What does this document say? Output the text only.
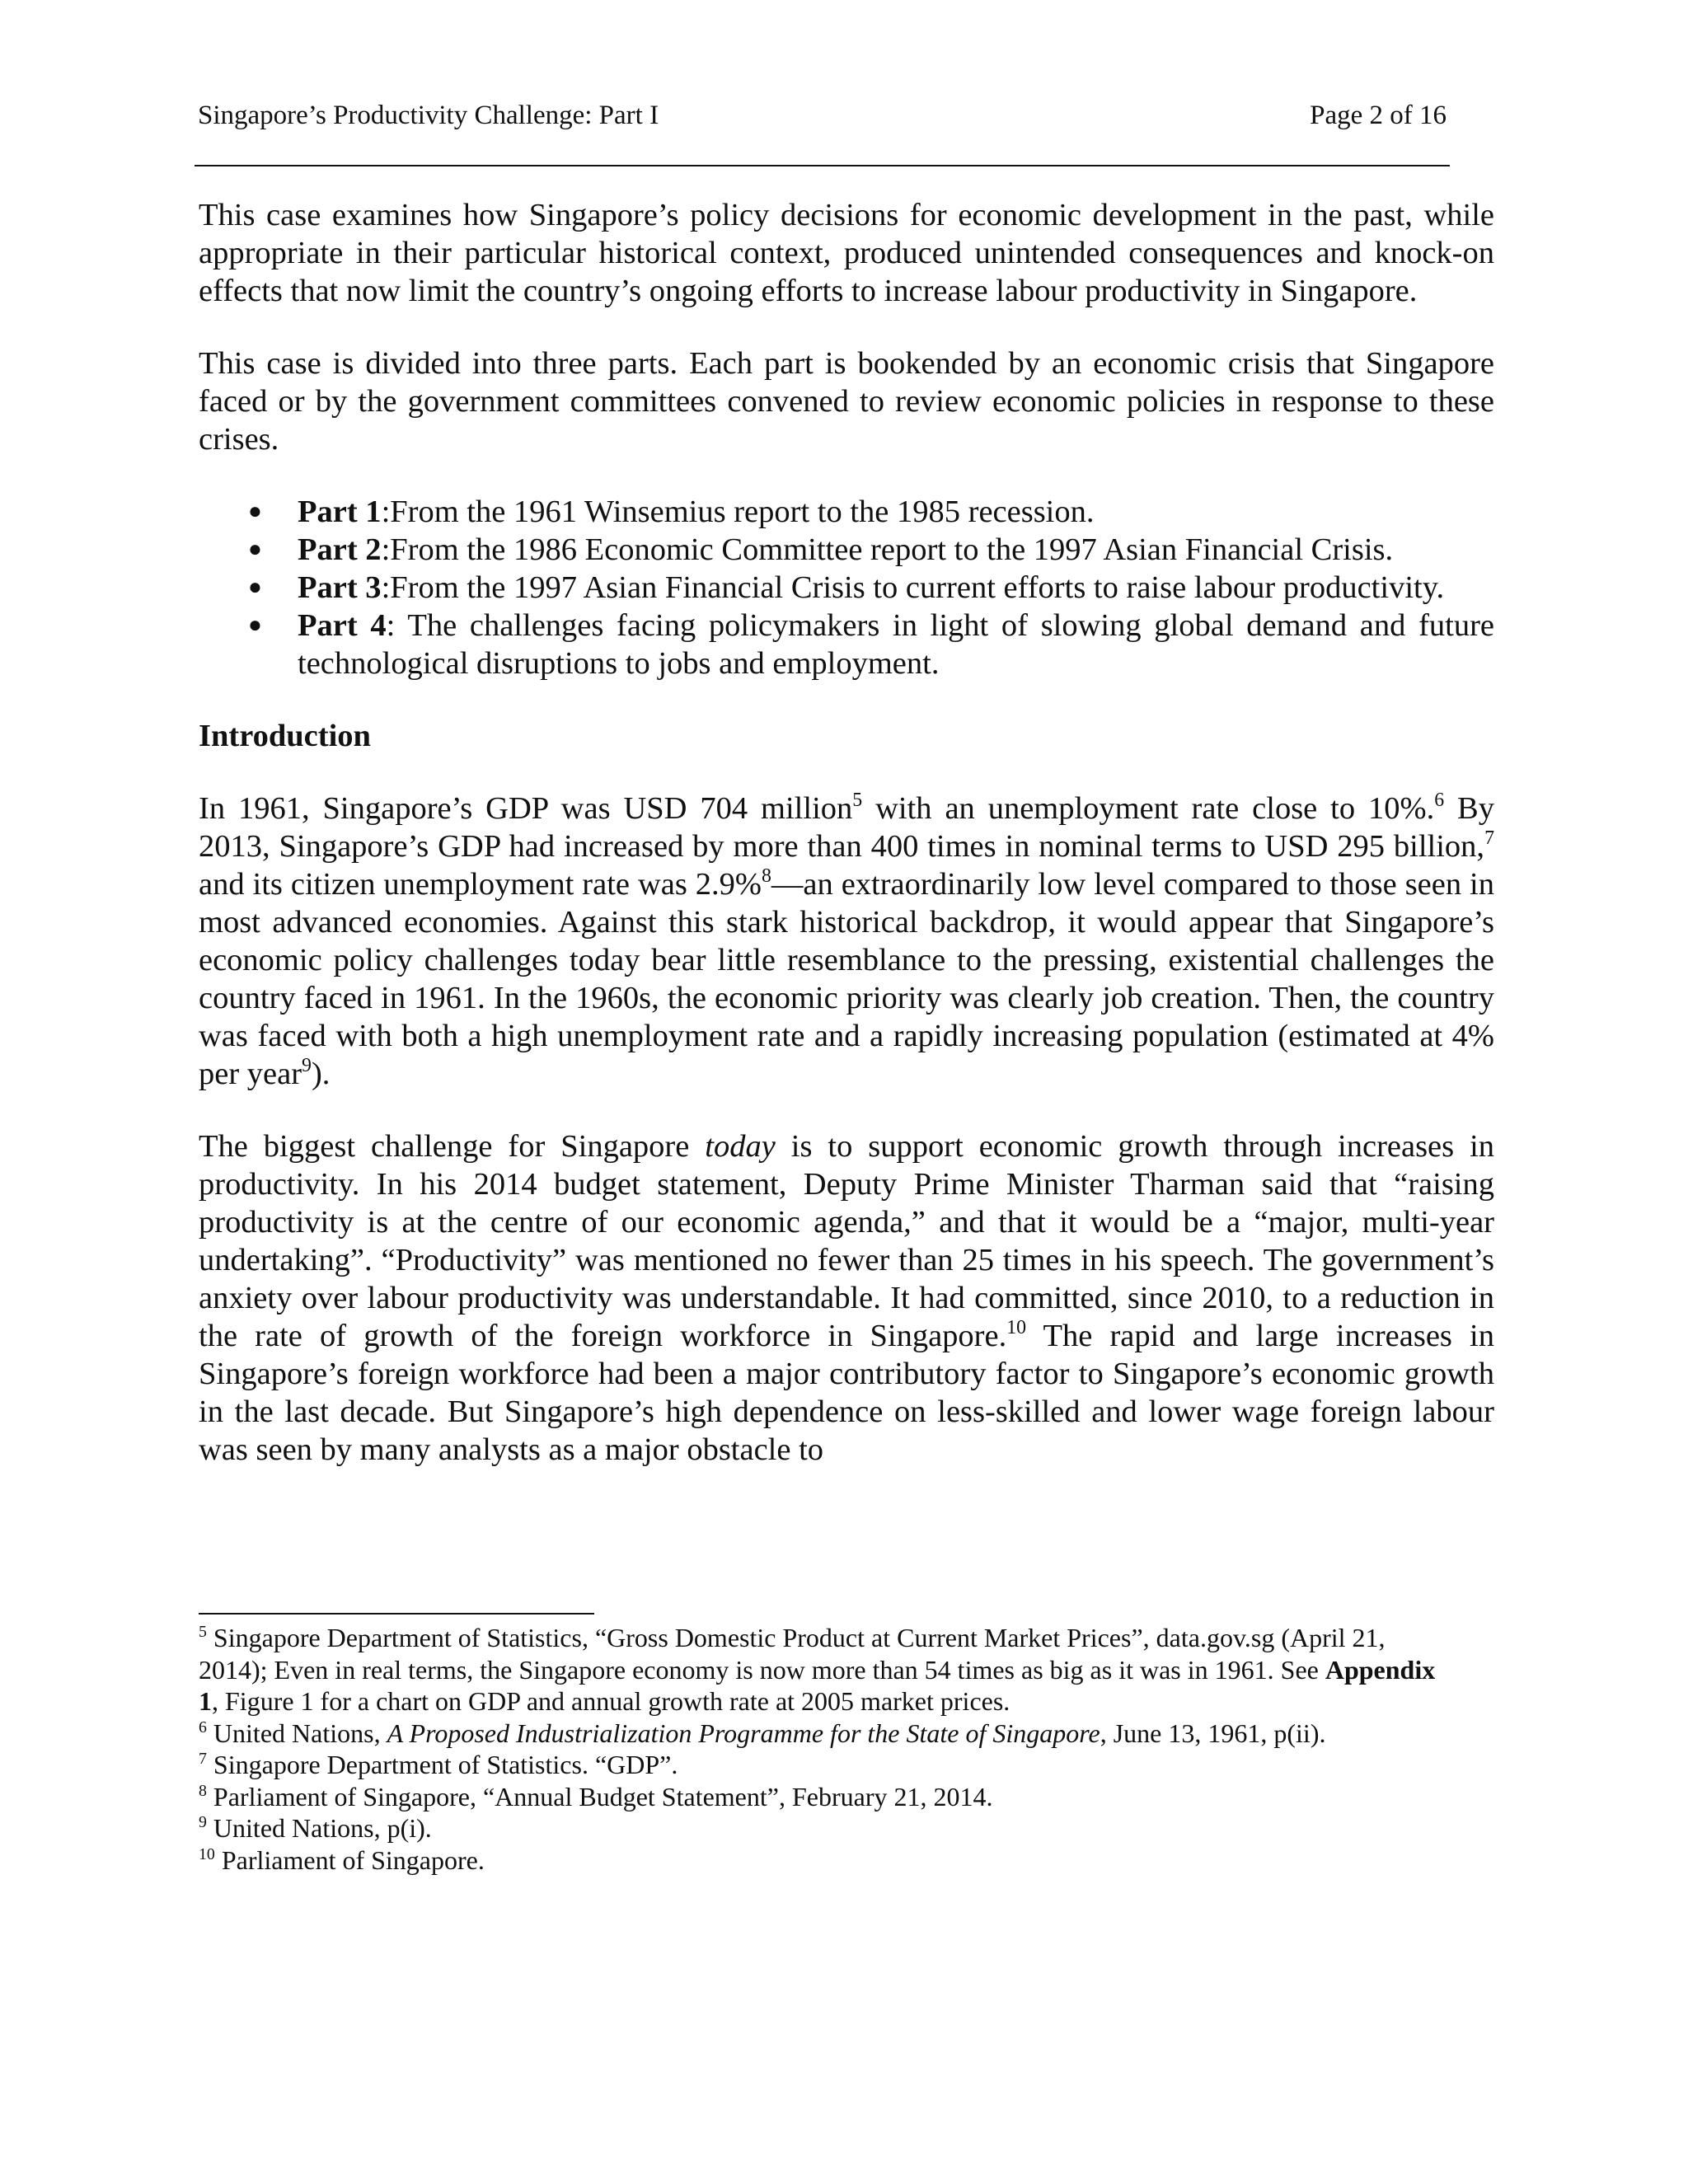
Singapore’s Productivity Challenge: Part I	Page 2 of 16

This case examines how Singapore’s policy decisions for economic development in the past, while appropriate in their particular historical context, produced unintended consequences and knock-on effects that now limit the country’s ongoing efforts to increase labour productivity in Singapore.

This case is divided into three parts. Each part is bookended by an economic crisis that Singapore faced or by the government committees convened to review economic policies in response to these crises.

● Part 1:From the 1961 Winsemius report to the 1985 recession.
● Part 2:From the 1986 Economic Committee report to the 1997 Asian Financial Crisis.
● Part 3:From the 1997 Asian Financial Crisis to current efforts to raise labour productivity.
● Part 4: The challenges facing policymakers in light of slowing global demand and future technological disruptions to jobs and employment.
Introduction

In 1961, Singapore’s GDP was USD 704 million$^5$ with an unemployment rate close to 10%.$^6$ By 2013, Singapore’s GDP had increased by more than 400 times in nominal terms to USD 295 billion,$^7$ and its citizen unemployment rate was 2.9%$^8$—an extraordinarily low level compared to those seen in most advanced economies. Against this stark historical backdrop, it would appear that Singapore’s economic policy challenges today bear little resemblance to the pressing, existential challenges the country faced in 1961. In the 1960s, the economic priority was clearly job creation. Then, the country was faced with both a high unemployment rate and a rapidly increasing population (estimated at 4% per year$^9$).

The biggest challenge for Singapore today is to support economic growth through increases in productivity. In his 2014 budget statement, Deputy Prime Minister Tharman said that “raising productivity is at the centre of our economic agenda,” and that it would be a “major, multi-year undertaking”. “Productivity” was mentioned no fewer than 25 times in his speech. The government’s anxiety over labour productivity was understandable. It had committed, since 2010, to a reduction in the rate of growth of the foreign workforce in Singapore.$^{10}$ The rapid and large increases in Singapore’s foreign workforce had been a major contributory factor to Singapore’s economic growth in the last decade. But Singapore’s high dependence on less-skilled and lower wage foreign labour was seen by many analysts as a major obstacle to

$^5$ Singapore Department of Statistics, “Gross Domestic Product at Current Market Prices”, data.gov.sg (April 21, 2014); Even in real terms, the Singapore economy is now more than 54 times as big as it was in 1961. See Appendix 1, Figure 1 for a chart on GDP and annual growth rate at 2005 market prices.

$^6$ United Nations, A Proposed Industrialization Programme for the State of Singapore, June 13, 1961, p(ii).

$^7$ Singapore Department of Statistics. “GDP”.

$^8$ Parliament of Singapore, “Annual Budget Statement”, February 21, 2014.

$^9$ United Nations, p(i).

$^{10}$ Parliament of Singapore.
